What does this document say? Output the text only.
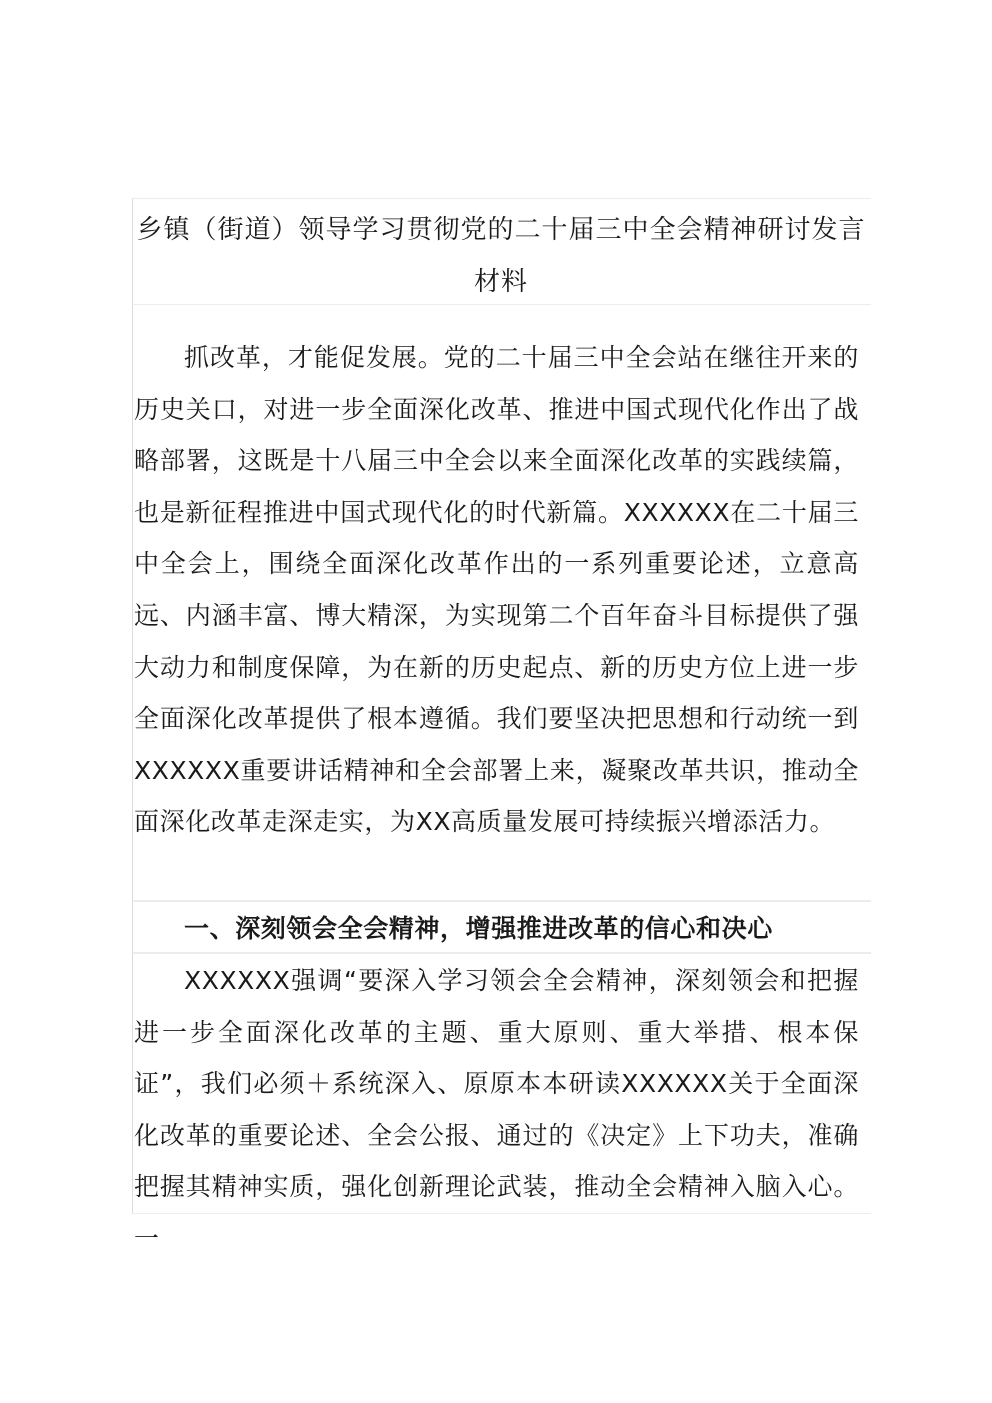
乡镇（街道）领导学习贯彻党的二十届三中全会精神研讨发言
材料

抓改革，才能促发展。党的二十届三中全会站在继往开来的历史关口，对进一步全面深化改革、推进中国式现代化作出了战略部署，这既是十八届三中全会以来全面深化改革的实践续篇，也是新征程推进中国式现代化的时代新篇。XXXXXX在二十届三中全会上，围绕全面深化改革作出的一系列重要论述，立意高远、内涵丰富、博大精深，为实现第二个百年奋斗目标提供了强大动力和制度保障，为在新的历史起点、新的历史方位上进一步全面深化改革提供了根本遵循。我们要坚决把思想和行动统一到XXXXXX重要讲话精神和全会部署上来，凝聚改革共识，推动全面深化改革走深走实，为XX高质量发展可持续振兴增添活力。

一、深刻领会全会精神，增强推进改革的信心和决心

XXXXXX强调“要深入学习领会全会精神，深刻领会和把握进一步全面深化改革的主题、重大原则、重大举措、根本保证”，我们必须＋系统深入、原原本本研读XXXXXX关于全面深化改革的重要论述、全会公报、通过的《决定》上下功夫，准确把握其精神实质，强化创新理论武装，推动全会精神入脑入心。一
